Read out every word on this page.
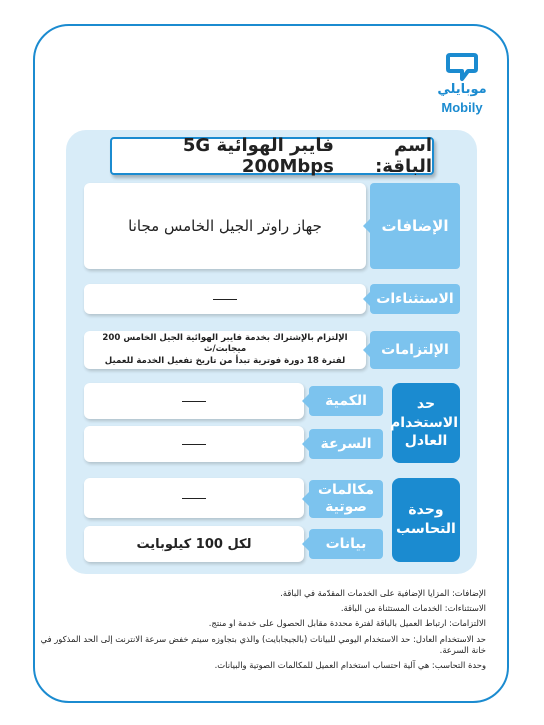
موبايلي
Mobily
اسم الباقة:
فايبر الهوائية 5G 200Mbps
جهاز راوتر الجيل الخامس مجانا	الإضافات
الاستثناءات
الإلتزام بالإشتراك بخدمة فايبر الهوائية الجيل الخامس 200 ميجابت/ث
لفترة 18 دورة فوترية تبدأ من تاريخ تفعيل الخدمة للعميل
الإلتزامات
الكمية
السرعة
حد الاستخدام العادل
مكالمات صوتية
لكل 100 كيلوبايت	بيانات
وحدة التحاسب

الإضافات: المزايا الإضافية على الخدمات المقدّمة في الباقة.

الاستثناءات: الخدمات المستثناة من الباقة.

الالتزامات: ارتباط العميل بالباقة لفترة محددة مقابل الحصول على خدمة او منتج.

حد الاستخدام العادل: حد الاستخدام اليومي للبيانات (بالجيجابايت) والذي بتجاوزه سيتم خفض سرعة الانترنت إلى الحد المذكور في خانة السرعة.

وحدة التحاسب: هي آلية احتساب استخدام العميل للمكالمات الصوتية والبيانات.
